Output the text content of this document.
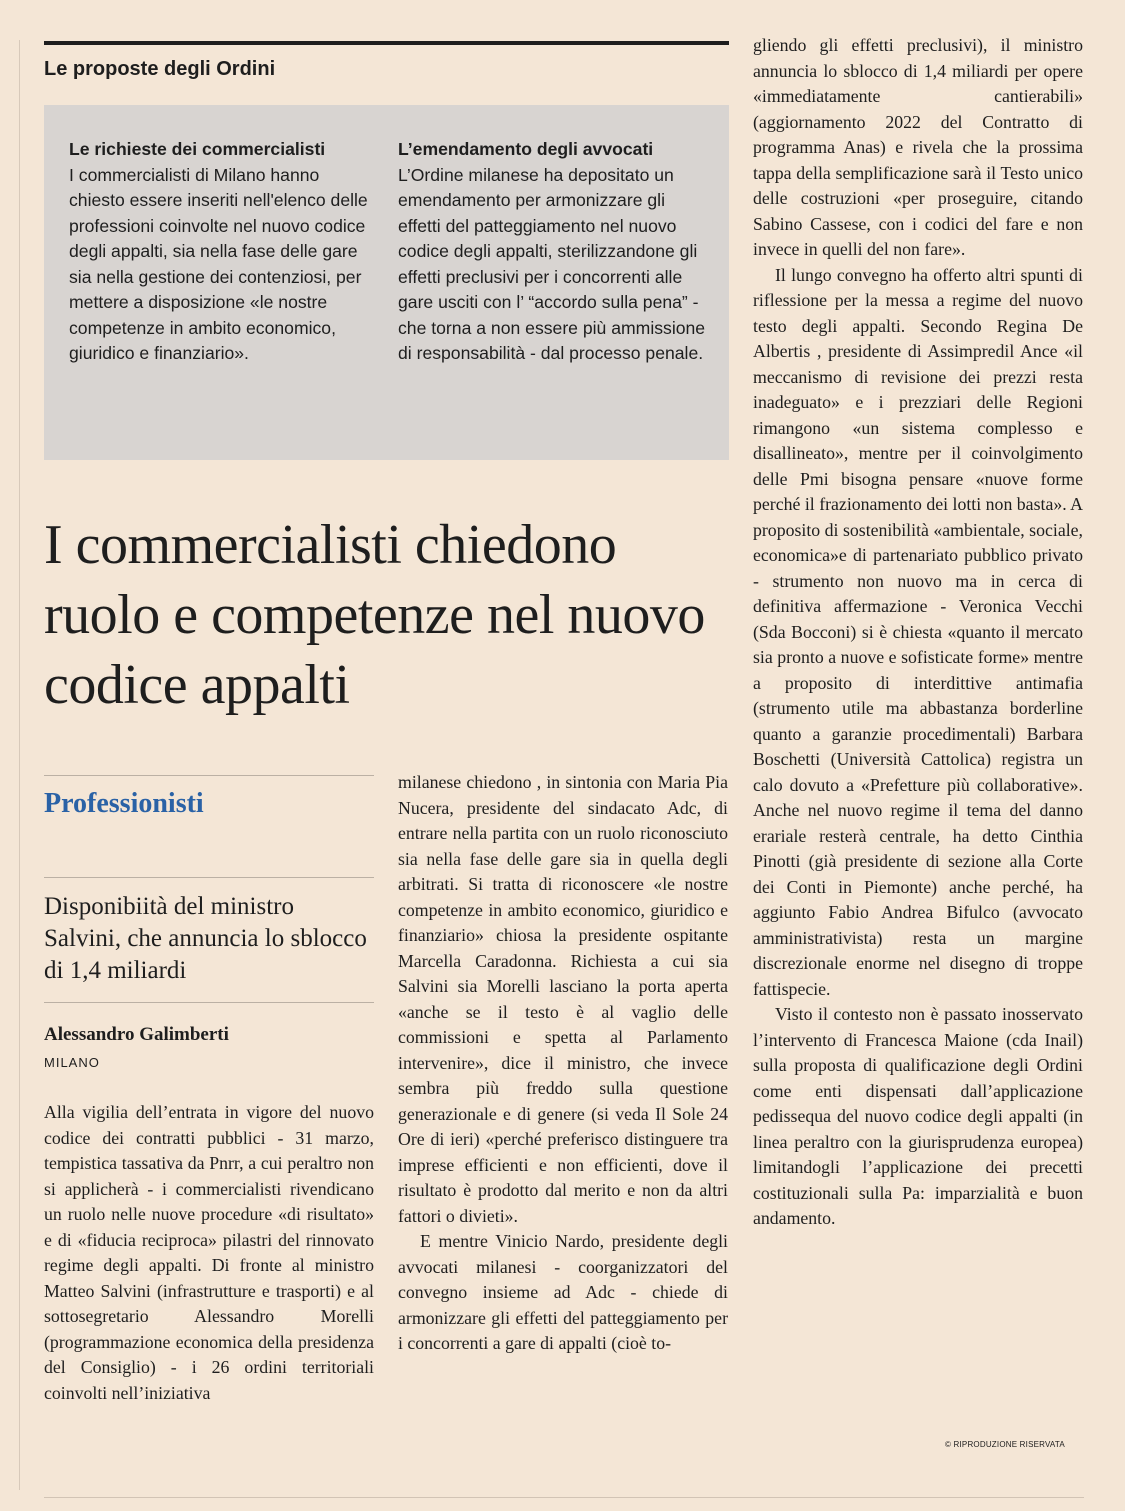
Le proposte degli Ordini
Le richieste dei commercialisti
I commercialisti di Milano hanno chiesto essere inseriti nell'elenco delle professioni coinvolte nel nuovo codice degli appalti, sia nella fase delle gare sia nella gestione dei contenziosi, per mettere a disposizione «le nostre competenze in ambito economico, giuridico e finanziario».
L’emendamento degli avvocati
L’Ordine milanese ha depositato un emendamento per armonizzare gli effetti del patteggiamento nel nuovo codice degli appalti, sterilizzandone gli effetti preclusivi per i concorrenti alle gare usciti con l’ “accordo sulla pena” - che torna a non essere più ammissione di responsabilità - dal processo penale.
I commercialisti chiedono ruolo e competenze nel nuovo codice appalti
Professionisti

Disponibiità del ministro Salvini, che annuncia lo sblocco di 1,4 miliardi

Alessandro Galimberti
MILANO

Alla vigilia dell’entrata in vigore del nuovo codice dei contratti pubblici - 31 marzo, tempistica tassativa da Pnrr, a cui peraltro non si applicherà - i commercialisti rivendicano un ruolo nelle nuove procedure «di risultato» e di «fiducia reciproca» pilastri del rinnovato regime degli appalti. Di fronte al ministro Matteo Salvini (infrastrutture e trasporti) e al sottosegretario Alessandro Morelli (programmazione economica della presidenza del Consiglio) - i 26 ordini territoriali coinvolti nell’iniziativa

milanese chiedono , in sintonia con Maria Pia Nucera, presidente del sindacato Adc, di entrare nella partita con un ruolo riconosciuto sia nella fase delle gare sia in quella degli arbitrati. Si tratta di riconoscere «le nostre competenze in ambito economico, giuridico e finanziario» chiosa la presidente ospitante Marcella Caradonna. Richiesta a cui sia Salvini sia Morelli lasciano la porta aperta «anche se il testo è al vaglio delle commissioni e spetta al Parlamento intervenire», dice il ministro, che invece sembra più freddo sulla questione generazionale e di genere (si veda Il Sole 24 Ore di ieri) «perché preferisco distinguere tra imprese efficienti e non efficienti, dove il risultato è prodotto dal merito e non da altri fattori o divieti».

E mentre Vinicio Nardo, presidente degli avvocati milanesi - coorganizzatori del convegno insieme ad Adc - chiede di armonizzare gli effetti del patteggiamento per i concorrenti a gare di appalti (cioè to-

gliendo gli effetti preclusivi), il ministro annuncia lo sblocco di 1,4 miliardi per opere «immediatamente cantierabili» (aggiornamento 2022 del Contratto di programma Anas) e rivela che la prossima tappa della semplificazione sarà il Testo unico delle costruzioni «per proseguire, citando Sabino Cassese, con i codici del fare e non invece in quelli del non fare».

Il lungo convegno ha offerto altri spunti di riflessione per la messa a regime del nuovo testo degli appalti. Secondo Regina De Albertis , presidente di Assimpredil Ance «il meccanismo di revisione dei prezzi resta inadeguato» e i prezziari delle Regioni rimangono «un sistema complesso e disallineato», mentre per il coinvolgimento delle Pmi bisogna pensare «nuove forme perché il frazionamento dei lotti non basta». A proposito di sostenibilità «ambientale, sociale, economica»e di partenariato pubblico privato - strumento non nuovo ma in cerca di definitiva affermazione - Veronica Vecchi (Sda Bocconi) si è chiesta «quanto il mercato sia pronto a nuove e sofisticate forme» mentre a proposito di interdittive antimafia (strumento utile ma abbastanza borderline quanto a garanzie procedimentali) Barbara Boschetti (Università Cattolica) registra un calo dovuto a «Prefetture più collaborative». Anche nel nuovo regime il tema del danno erariale resterà centrale, ha detto Cinthia Pinotti (già presidente di sezione alla Corte dei Conti in Piemonte) anche perché, ha aggiunto Fabio Andrea Bifulco (avvocato amministrativista) resta un margine discrezionale enorme nel disegno di troppe fattispecie.

Visto il contesto non è passato inosservato l’intervento di Francesca Maione (cda Inail) sulla proposta di qualificazione degli Ordini come enti dispensati dall’applicazione pedissequa del nuovo codice degli appalti (in linea peraltro con la giurisprudenza europea) limitandogli l’applicazione dei precetti costituzionali sulla Pa: imparzialità e buon andamento.

© RIPRODUZIONE RISERVATA
